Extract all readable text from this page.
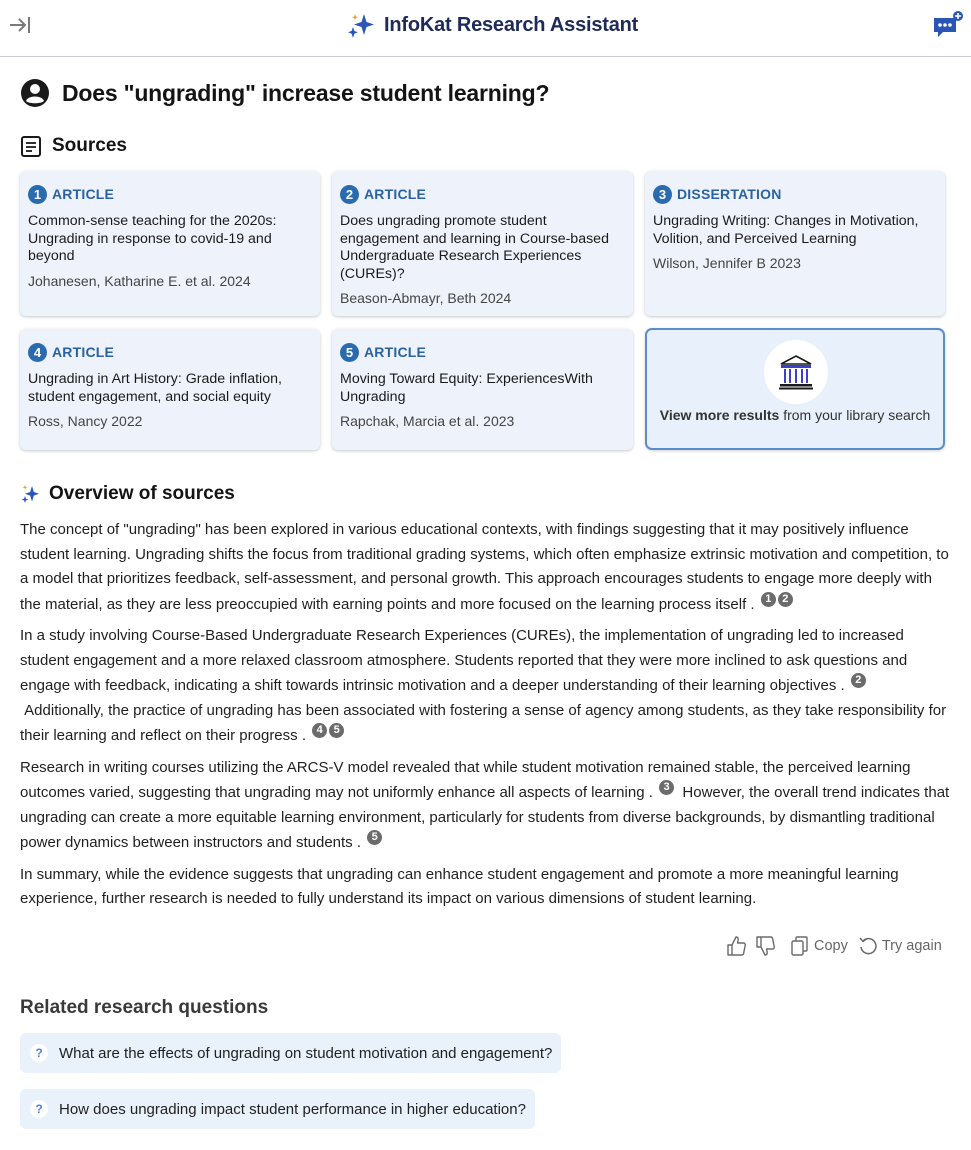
InfoKat Research Assistant
Does "ungrading" increase student learning?
Sources
1 ARTICLE
Common-sense teaching for the 2020s: Ungrading in response to covid-19 and beyond
Johanesen, Katharine E. et al. 2024
2 ARTICLE
Does ungrading promote student engagement and learning in Course-based Undergraduate Research Experiences (CUREs)?
Beason-Abmayr, Beth 2024
3 DISSERTATION
Ungrading Writing: Changes in Motivation, Volition, and Perceived Learning
Wilson, Jennifer B 2023
4 ARTICLE
Ungrading in Art History: Grade inflation, student engagement, and social equity
Ross, Nancy 2022
5 ARTICLE
Moving Toward Equity: ExperiencesWith Ungrading
Rapchak, Marcia et al. 2023	View more results from your library search
Overview of sources

The concept of "ungrading" has been explored in various educational contexts, with findings suggesting that it may positively influence student learning. Ungrading shifts the focus from traditional grading systems, which often emphasize extrinsic motivation and competition, to a model that prioritizes feedback, self-assessment, and personal growth. This approach encourages students to engage more deeply with the material, as they are less preoccupied with earning points and more focused on the learning process itself . 1 2

In a study involving Course-Based Undergraduate Research Experiences (CUREs), the implementation of ungrading led to increased student engagement and a more relaxed classroom atmosphere. Students reported that they were more inclined to ask questions and engage with feedback, indicating a shift towards intrinsic motivation and a deeper understanding of their learning objectives . 2  Additionally, the practice of ungrading has been associated with fostering a sense of agency among students, as they take responsibility for their learning and reflect on their progress . 4 5

Research in writing courses utilizing the ARCS-V model revealed that while student motivation remained stable, the perceived learning outcomes varied, suggesting that ungrading may not uniformly enhance all aspects of learning . 3 However, the overall trend indicates that ungrading can create a more equitable learning environment, particularly for students from diverse backgrounds, by dismantling traditional power dynamics between instructors and students . 5

In summary, while the evidence suggests that ungrading can enhance student engagement and promote a more meaningful learning experience, further research is needed to fully understand its impact on various dimensions of student learning.

Copy Try again
Related research questions
?	What are the effects of ungrading on student motivation and engagement?
?	How does ungrading impact student performance in higher education?
